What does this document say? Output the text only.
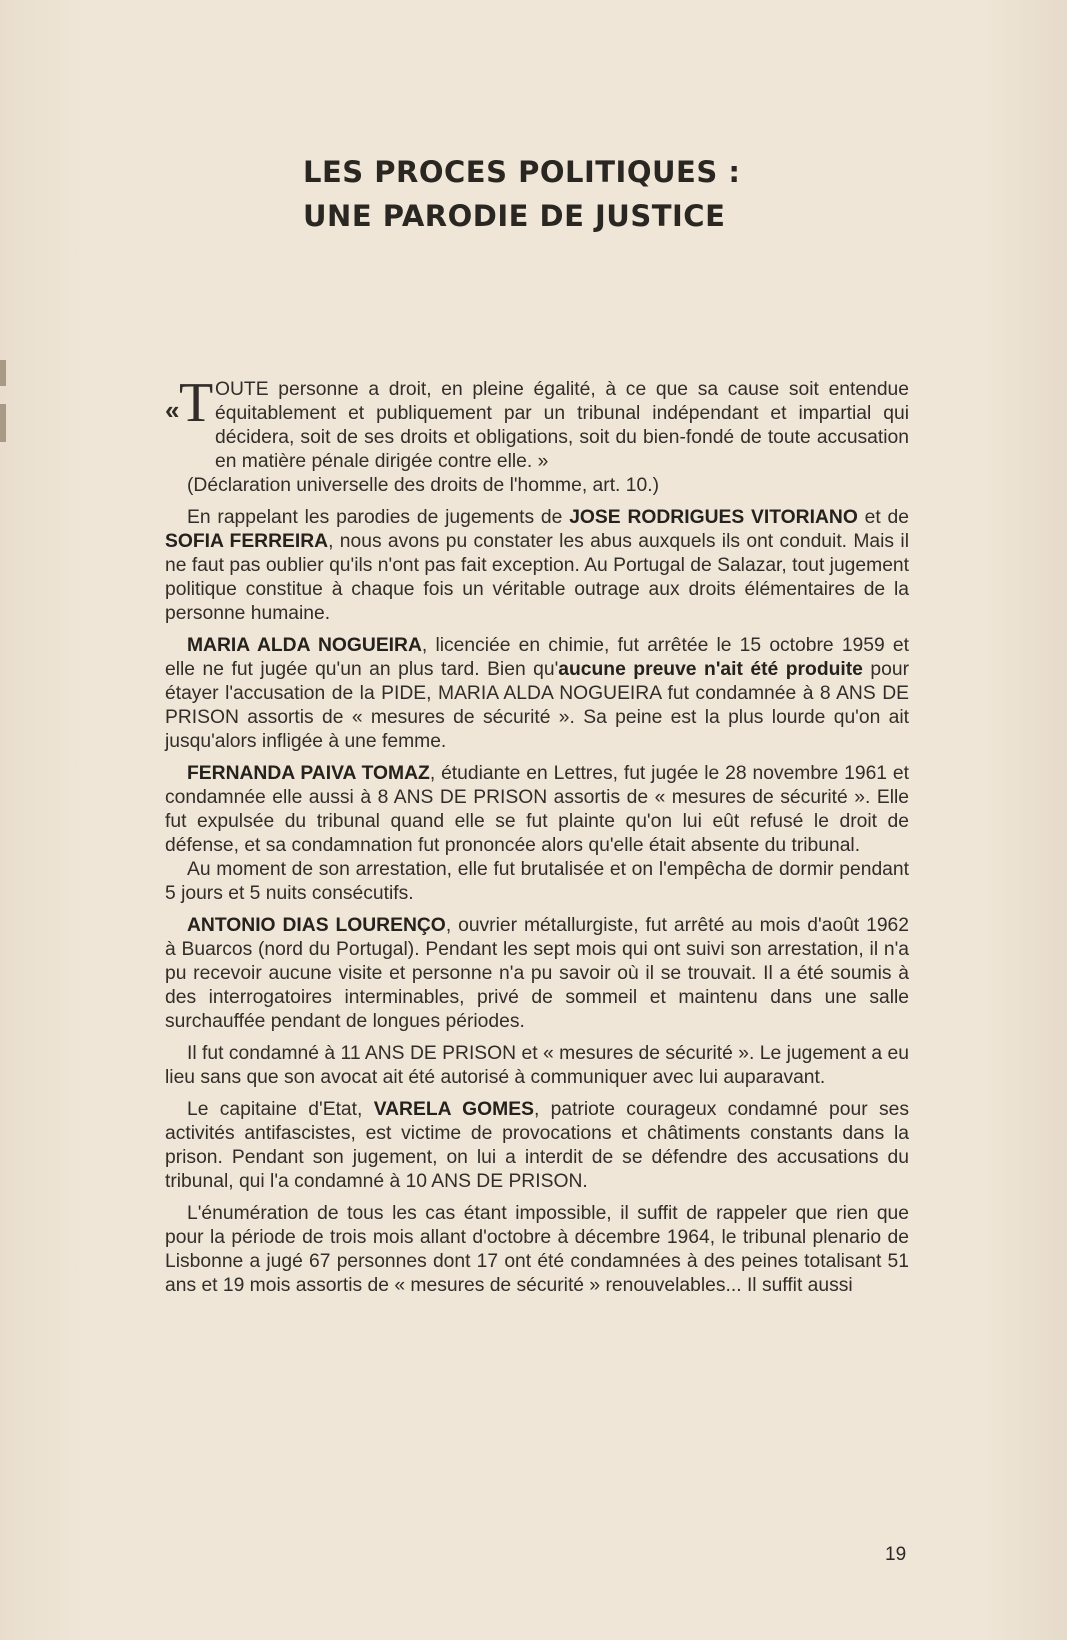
LES PROCES POLITIQUES :
UNE PARODIE DE JUSTICE

« T OUTE personne a droit, en pleine égalité, à ce que sa cause soit entendue équitablement et publiquement par un tribunal indépendant et impartial qui décidera, soit de ses droits et obligations, soit du bien-fondé de toute accusation en matière pénale dirigée contre elle. »

(Déclaration universelle des droits de l'homme, art. 10.)

En rappelant les parodies de jugements de JOSE RODRIGUES VITORIANO et de SOFIA FERREIRA, nous avons pu constater les abus auxquels ils ont conduit. Mais il ne faut pas oublier qu'ils n'ont pas fait exception. Au Portugal de Salazar, tout jugement politique constitue à chaque fois un véritable outrage aux droits élémentaires de la personne humaine.

MARIA ALDA NOGUEIRA, licenciée en chimie, fut arrêtée le 15 octobre 1959 et elle ne fut jugée qu'un an plus tard. Bien qu'aucune preuve n'ait été produite pour étayer l'accusation de la PIDE, MARIA ALDA NOGUEIRA fut condamnée à 8 ANS DE PRISON assortis de « mesures de sécurité ». Sa peine est la plus lourde qu'on ait jusqu'alors infligée à une femme.

FERNANDA PAIVA TOMAZ, étudiante en Lettres, fut jugée le 28 novembre 1961 et condamnée elle aussi à 8 ANS DE PRISON assortis de « mesures de sécurité ». Elle fut expulsée du tribunal quand elle se fut plainte qu'on lui eût refusé le droit de défense, et sa condamnation fut prononcée alors qu'elle était absente du tribunal.

Au moment de son arrestation, elle fut brutalisée et on l'empêcha de dormir pendant 5 jours et 5 nuits consécutifs.

ANTONIO DIAS LOURENÇO, ouvrier métallurgiste, fut arrêté au mois d'août 1962 à Buarcos (nord du Portugal). Pendant les sept mois qui ont suivi son arrestation, il n'a pu recevoir aucune visite et personne n'a pu savoir où il se trouvait. Il a été soumis à des interrogatoires interminables, privé de sommeil et maintenu dans une salle surchauffée pendant de longues périodes.

Il fut condamné à 11 ANS DE PRISON et « mesures de sécurité ». Le jugement a eu lieu sans que son avocat ait été autorisé à communiquer avec lui auparavant.

Le capitaine d'Etat, VARELA GOMES, patriote courageux condamné pour ses activités antifascistes, est victime de provocations et châtiments constants dans la prison. Pendant son jugement, on lui a interdit de se défendre des accusations du tribunal, qui l'a condamné à 10 ANS DE PRISON.

L'énumération de tous les cas étant impossible, il suffit de rappeler que rien que pour la période de trois mois allant d'octobre à décembre 1964, le tribunal plenario de Lisbonne a jugé 67 personnes dont 17 ont été condamnées à des peines totalisant 51 ans et 19 mois assortis de « mesures de sécurité » renouvelables... Il suffit aussi

19
